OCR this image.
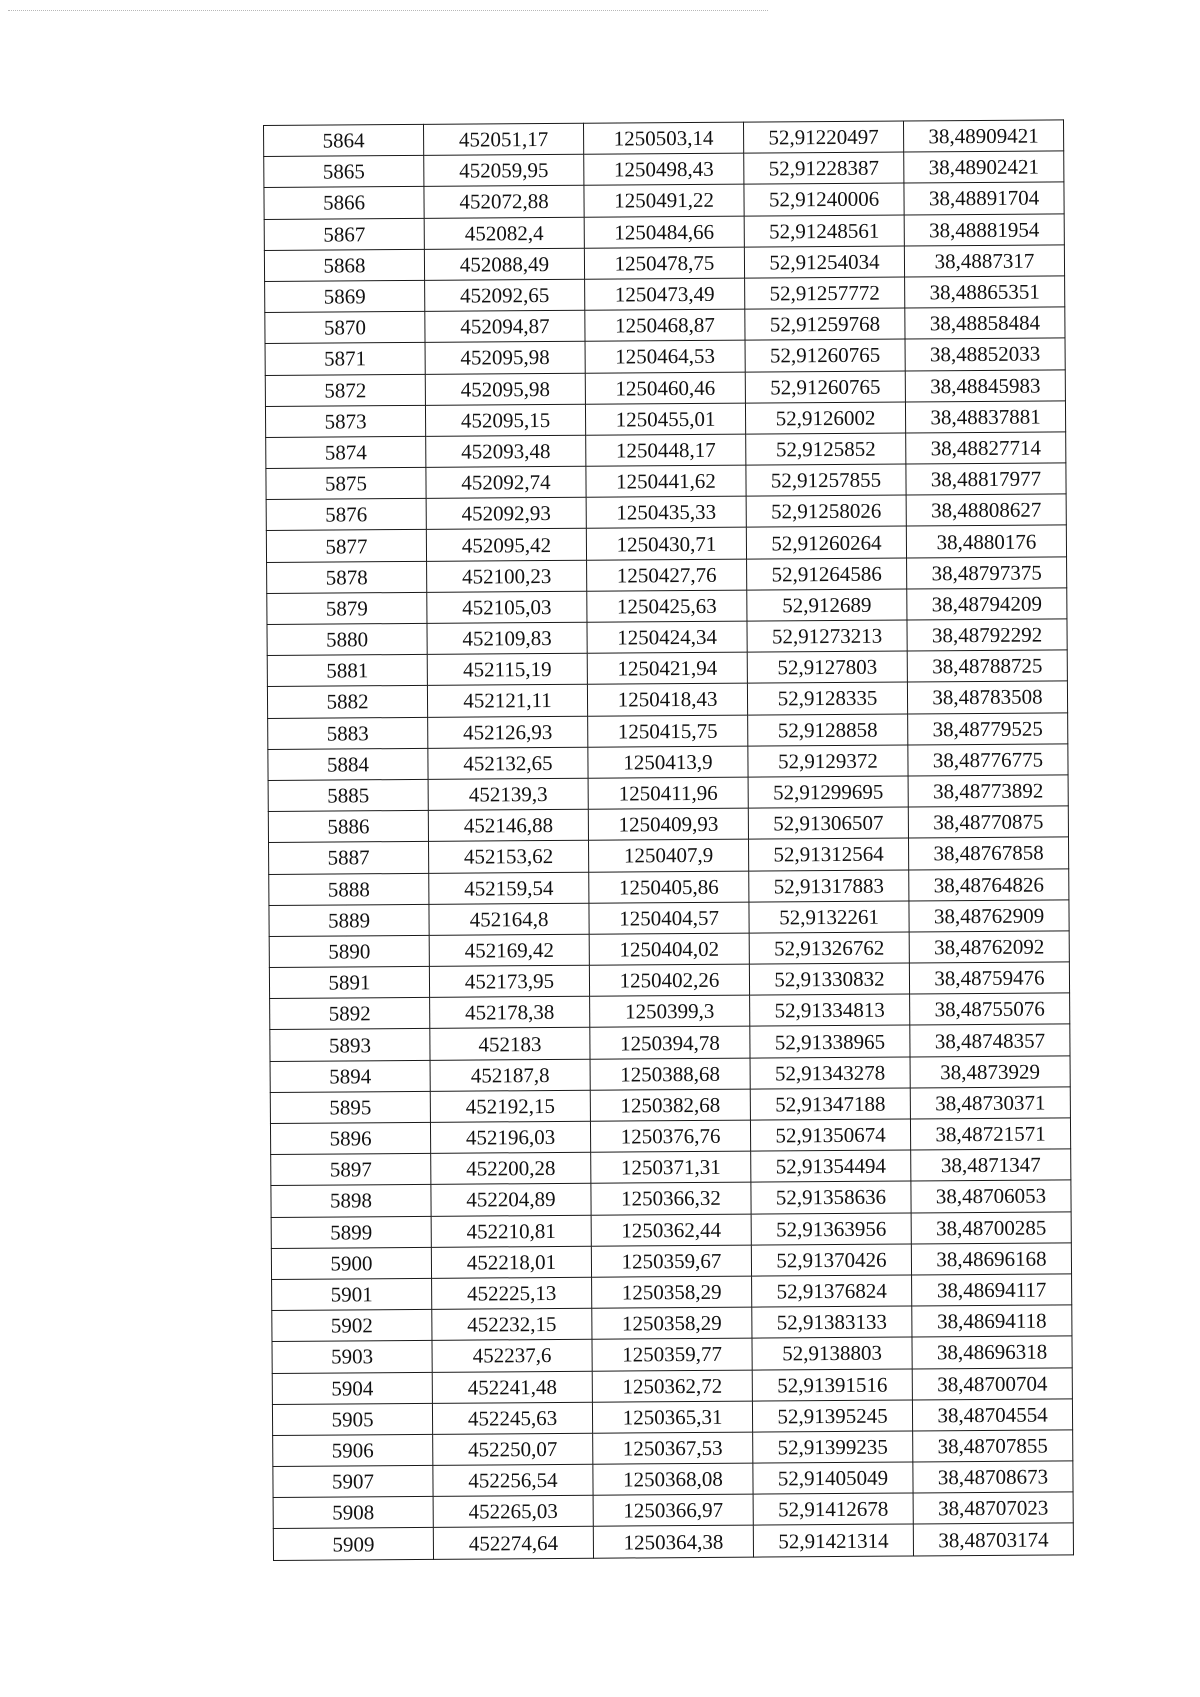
5864	452051,17	1250503,14	52,91220497	38,48909421
5865	452059,95	1250498,43	52,91228387	38,48902421
5866	452072,88	1250491,22	52,91240006	38,48891704
5867	452082,4	1250484,66	52,91248561	38,48881954
5868	452088,49	1250478,75	52,91254034	38,4887317
5869	452092,65	1250473,49	52,91257772	38,48865351
5870	452094,87	1250468,87	52,91259768	38,48858484
5871	452095,98	1250464,53	52,91260765	38,48852033
5872	452095,98	1250460,46	52,91260765	38,48845983
5873	452095,15	1250455,01	52,9126002	38,48837881
5874	452093,48	1250448,17	52,9125852	38,48827714
5875	452092,74	1250441,62	52,91257855	38,48817977
5876	452092,93	1250435,33	52,91258026	38,48808627
5877	452095,42	1250430,71	52,91260264	38,4880176
5878	452100,23	1250427,76	52,91264586	38,48797375
5879	452105,03	1250425,63	52,912689	38,48794209
5880	452109,83	1250424,34	52,91273213	38,48792292
5881	452115,19	1250421,94	52,9127803	38,48788725
5882	452121,11	1250418,43	52,9128335	38,48783508
5883	452126,93	1250415,75	52,9128858	38,48779525
5884	452132,65	1250413,9	52,9129372	38,48776775
5885	452139,3	1250411,96	52,91299695	38,48773892
5886	452146,88	1250409,93	52,91306507	38,48770875
5887	452153,62	1250407,9	52,91312564	38,48767858
5888	452159,54	1250405,86	52,91317883	38,48764826
5889	452164,8	1250404,57	52,9132261	38,48762909
5890	452169,42	1250404,02	52,91326762	38,48762092
5891	452173,95	1250402,26	52,91330832	38,48759476
5892	452178,38	1250399,3	52,91334813	38,48755076
5893	452183	1250394,78	52,91338965	38,48748357
5894	452187,8	1250388,68	52,91343278	38,4873929
5895	452192,15	1250382,68	52,91347188	38,48730371
5896	452196,03	1250376,76	52,91350674	38,48721571
5897	452200,28	1250371,31	52,91354494	38,4871347
5898	452204,89	1250366,32	52,91358636	38,48706053
5899	452210,81	1250362,44	52,91363956	38,48700285
5900	452218,01	1250359,67	52,91370426	38,48696168
5901	452225,13	1250358,29	52,91376824	38,48694117
5902	452232,15	1250358,29	52,91383133	38,48694118
5903	452237,6	1250359,77	52,9138803	38,48696318
5904	452241,48	1250362,72	52,91391516	38,48700704
5905	452245,63	1250365,31	52,91395245	38,48704554
5906	452250,07	1250367,53	52,91399235	38,48707855
5907	452256,54	1250368,08	52,91405049	38,48708673
5908	452265,03	1250366,97	52,91412678	38,48707023
5909	452274,64	1250364,38	52,91421314	38,48703174
